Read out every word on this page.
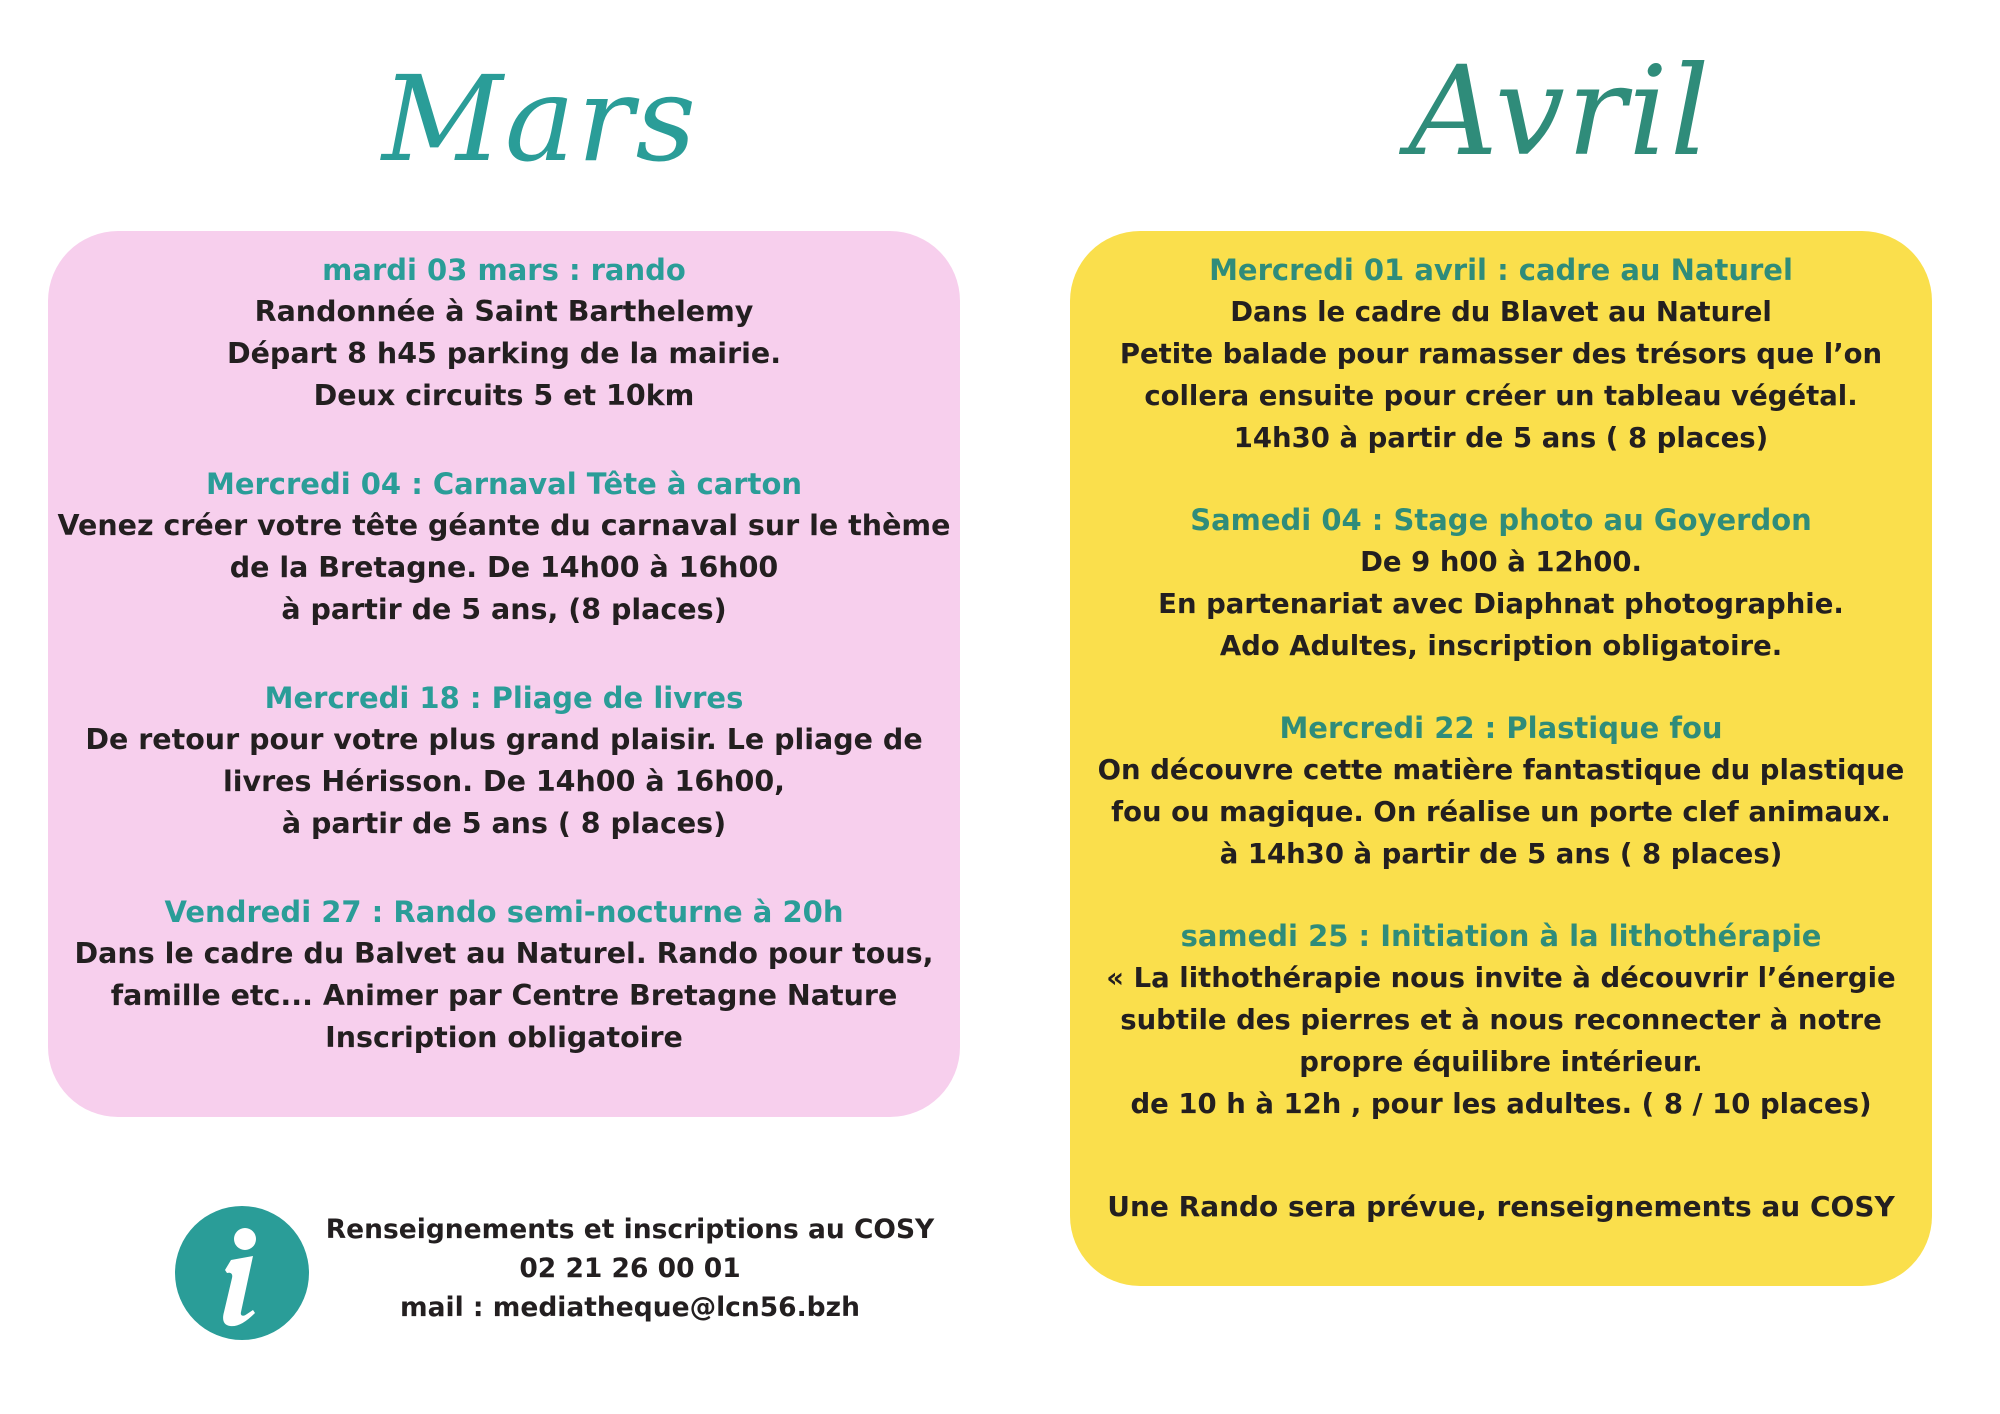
Mars	Avril
mardi 03 mars : rando
Randonnée à Saint Barthelemy
Départ 8 h45 parking de la mairie.
Deux circuits 5 et 10km
Mercredi 04 : Carnaval Tête à carton
Venez créer votre tête géante du carnaval sur le thème
de la Bretagne. De 14h00 à 16h00
à partir de 5 ans, (8 places)
Mercredi 18 : Pliage de livres
De retour pour votre plus grand plaisir. Le pliage de
livres Hérisson. De 14h00 à 16h00,
à partir de 5 ans ( 8 places)
Vendredi 27 : Rando semi-nocturne à 20h
Dans le cadre du Balvet au Naturel. Rando pour tous,
famille etc... Animer par Centre Bretagne Nature
Inscription obligatoire
Mercredi 01 avril : cadre au Naturel
Dans le cadre du Blavet au Naturel
Petite balade pour ramasser des trésors que l’on
collera ensuite pour créer un tableau végétal.
14h30 à partir de 5 ans ( 8 places)
Samedi 04 : Stage photo au Goyerdon
De 9 h00 à 12h00.
En partenariat avec Diaphnat photographie.
Ado Adultes, inscription obligatoire.
Mercredi 22 : Plastique fou
On découvre cette matière fantastique du plastique
fou ou magique. On réalise un porte clef animaux.
à 14h30 à partir de 5 ans ( 8 places)
samedi 25 : Initiation à la lithothérapie
« La lithothérapie nous invite à découvrir l’énergie
subtile des pierres et à nous reconnecter à notre
propre équilibre intérieur.
de 10 h à 12h , pour les adultes. ( 8 / 10 places)
Une Rando sera prévue, renseignements au COSY
Renseignements et inscriptions au COSY
02 21 26 00 01
mail : mediatheque@lcn56.bzh
